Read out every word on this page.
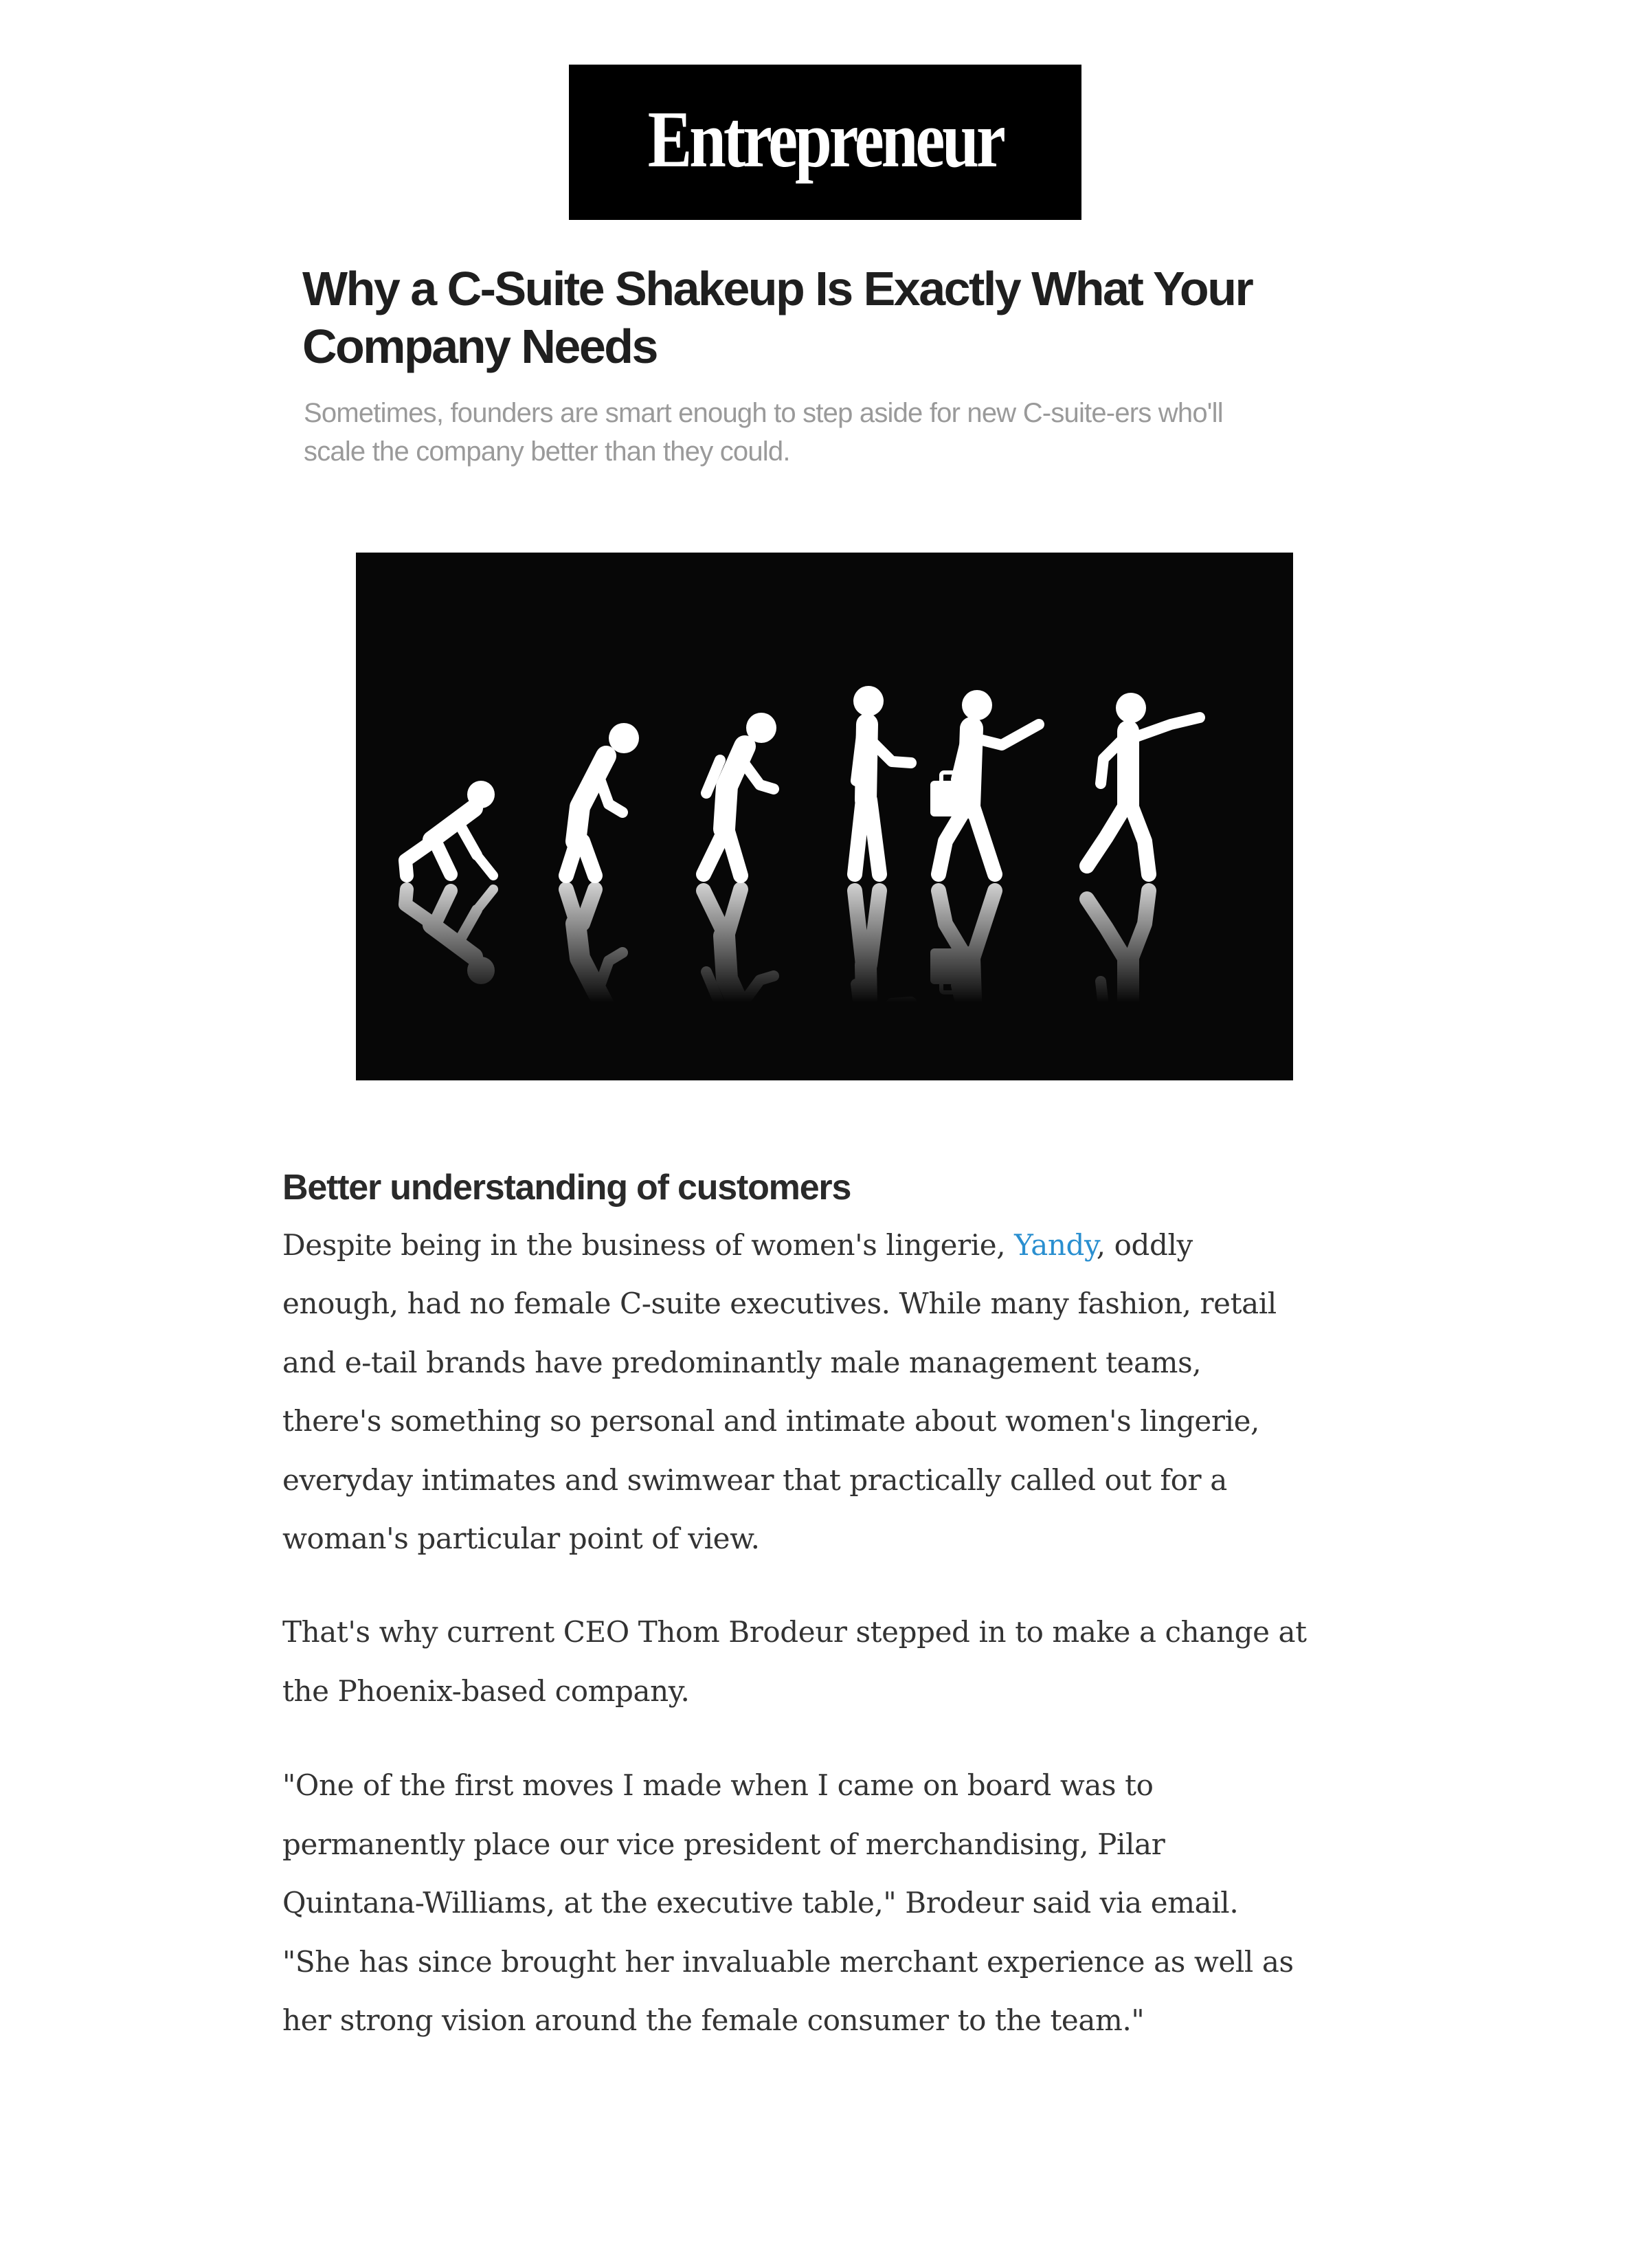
Entrepreneur
Why a C-Suite Shakeup Is Exactly What Your
Company Needs

Sometimes, founders are smart enough to step aside for new C-suite-ers who'll
scale the company better than they could.

Better understanding of customers

Despite being in the business of women's lingerie, Yandy, oddly
enough, had no female C-suite executives. While many fashion, retail
and e-tail brands have predominantly male management teams,
there's something so personal and intimate about women's lingerie,
everyday intimates and swimwear that practically called out for a
woman's particular point of view.

That's why current CEO Thom Brodeur stepped in to make a change at
the Phoenix-based company.

"One of the first moves I made when I came on board was to
permanently place our vice president of merchandising, Pilar
Quintana-Williams, at the executive table," Brodeur said via email.
"She has since brought her invaluable merchant experience as well as
her strong vision around the female consumer to the team."
